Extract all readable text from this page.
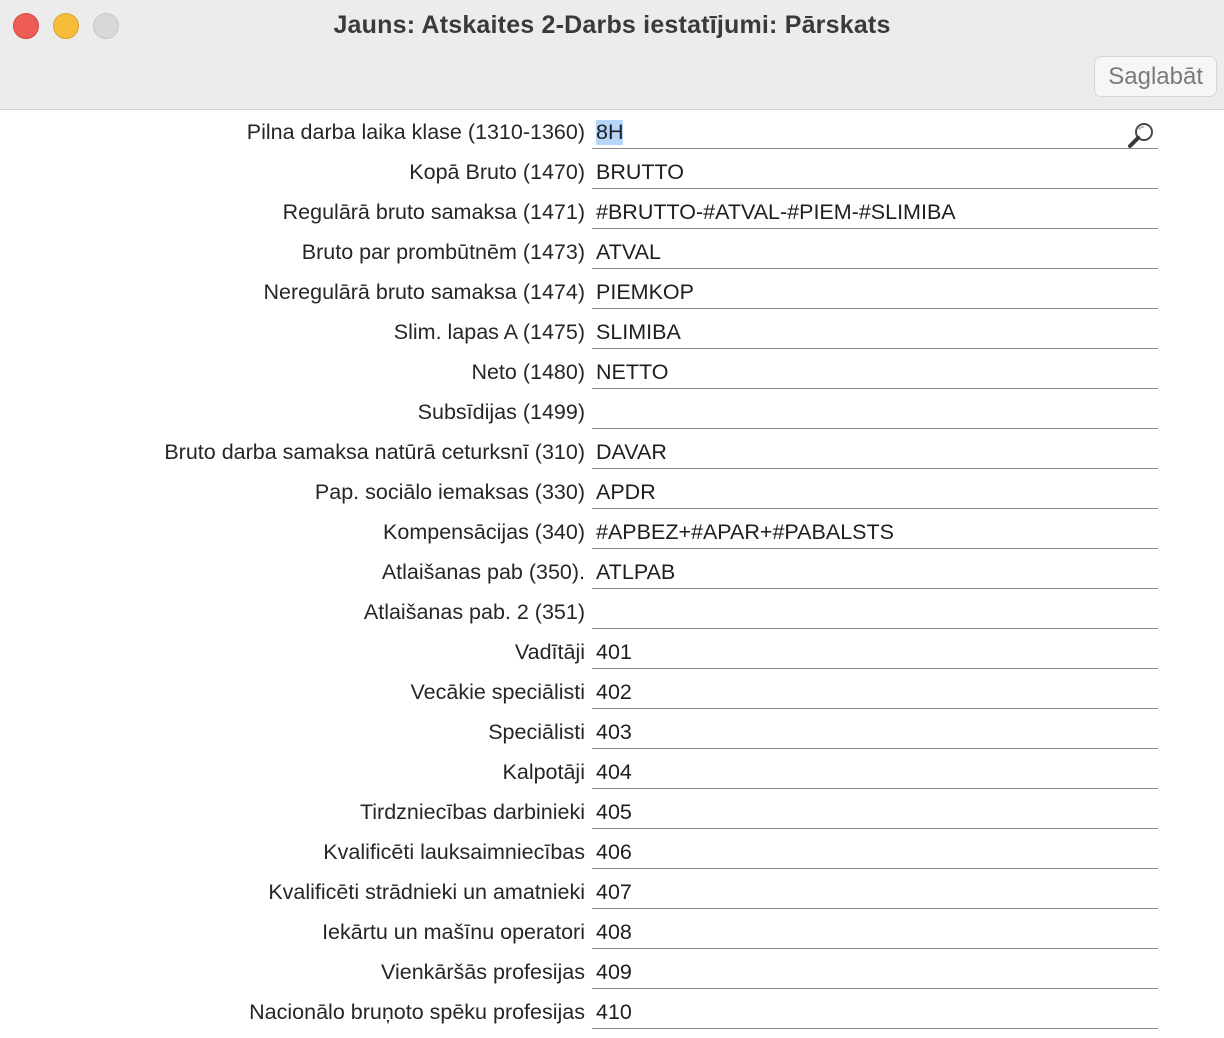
Jauns: Atskaites 2-Darbs iestatījumi: Pārskats
Saglabāt
Pilna darba laika klase (1310-1360) 8H
Kopā Bruto (1470) BRUTTO
Regulārā bruto samaksa (1471) #BRUTTO-#ATVAL-#PIEM-#SLIMIBA
Bruto par prombūtnēm (1473) ATVAL
Neregulārā bruto samaksa (1474) PIEMKOP
Slim. lapas A (1475) SLIMIBA
Neto (1480) NETTO
Subsīdijas (1499)
Bruto darba samaksa natūrā ceturksnī (310) DAVAR
Pap. sociālo iemaksas (330) APDR
Kompensācijas (340) #APBEZ+#APAR+#PABALSTS
Atlaišanas pab (350). ATLPAB
Atlaišanas pab. 2 (351)
Vadītāji 401
Vecākie speciālisti 402
Speciālisti 403
Kalpotāji 404
Tirdzniecības darbinieki 405
Kvalificēti lauksaimniecības 406
Kvalificēti strādnieki un amatnieki 407
Iekārtu un mašīnu operatori 408
Vienkāršās profesijas 409
Nacionālo bruņoto spēku profesijas 410
